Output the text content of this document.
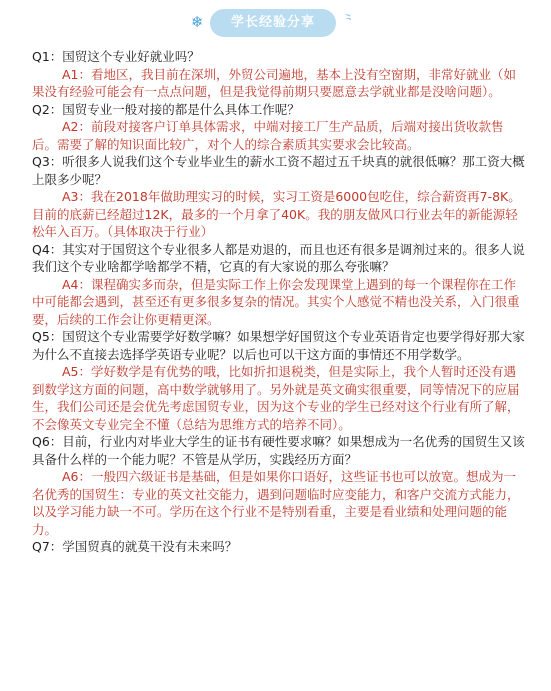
❄	学长经验分享	⺀

Q1：国贸这个专业好就业吗？

A1：看地区，我目前在深圳，外贸公司遍地，基本上没有空窗期，非常好就业（如果没有经验可能会有一点点问题，但是我觉得前期只要愿意去学就业都是没啥问题）。

Q2：国贸专业一般对接的都是什么具体工作呢？

A2：前段对接客户订单具体需求，中端对接工厂生产品质，后端对接出货收款售后。需要了解的知识面比较广，对个人的综合素质其实要求会比较高。

Q3：听很多人说我们这个专业毕业生的薪水工资不超过五千块真的就很低嘛？那工资大概上限多少呢？

A3：我在2018年做助理实习的时候，实习工资是6000包吃住，综合薪资再7-8K。目前的底薪已经超过12K，最多的一个月拿了40K。我的朋友做风口行业去年的新能源轻松年入百万。（具体取决于行业）

Q4：其实对于国贸这个专业很多人都是劝退的，而且也还有很多是调剂过来的。很多人说我们这个专业啥都学啥都学不精，它真的有大家说的那么夸张嘛？

A4：课程确实多而杂，但是实际工作上你会发现课堂上遇到的每一个课程你在工作中可能都会遇到，甚至还有更多很多复杂的情况。其实个人感觉不精也没关系，入门很重要，后续的工作会让你更精更深。

Q5：国贸这个专业需要学好数学嘛？如果想学好国贸这个专业英语肯定也要学得好那大家为什么不直接去选择学英语专业呢？以后也可以干这方面的事情还不用学数学。

A5：学好数学是有优势的哦，比如折扣退税类，但是实际上，我个人暂时还没有遇到数学这方面的问题，高中数学就够用了。另外就是英文确实很重要，同等情况下的应届生，我们公司还是会优先考虑国贸专业，因为这个专业的学生已经对这个行业有所了解，不会像英文专业完全不懂（总结为思维方式的培养不同）。

Q6：目前，行业内对毕业大学生的证书有硬性要求嘛？如果想成为一名优秀的国贸生又该具备什么样的一个能力呢？不管是从学历，实践经历方面？

A6：一般四六级证书是基础，但是如果你口语好，这些证书也可以放宽。想成为一名优秀的国贸生：专业的英文社交能力，遇到问题临时应变能力，和客户交流方式能力，以及学习能力缺一不可。学历在这个行业不是特别看重，主要是看业绩和处理问题的能力。

Q7：学国贸真的就莫干没有未来吗？
